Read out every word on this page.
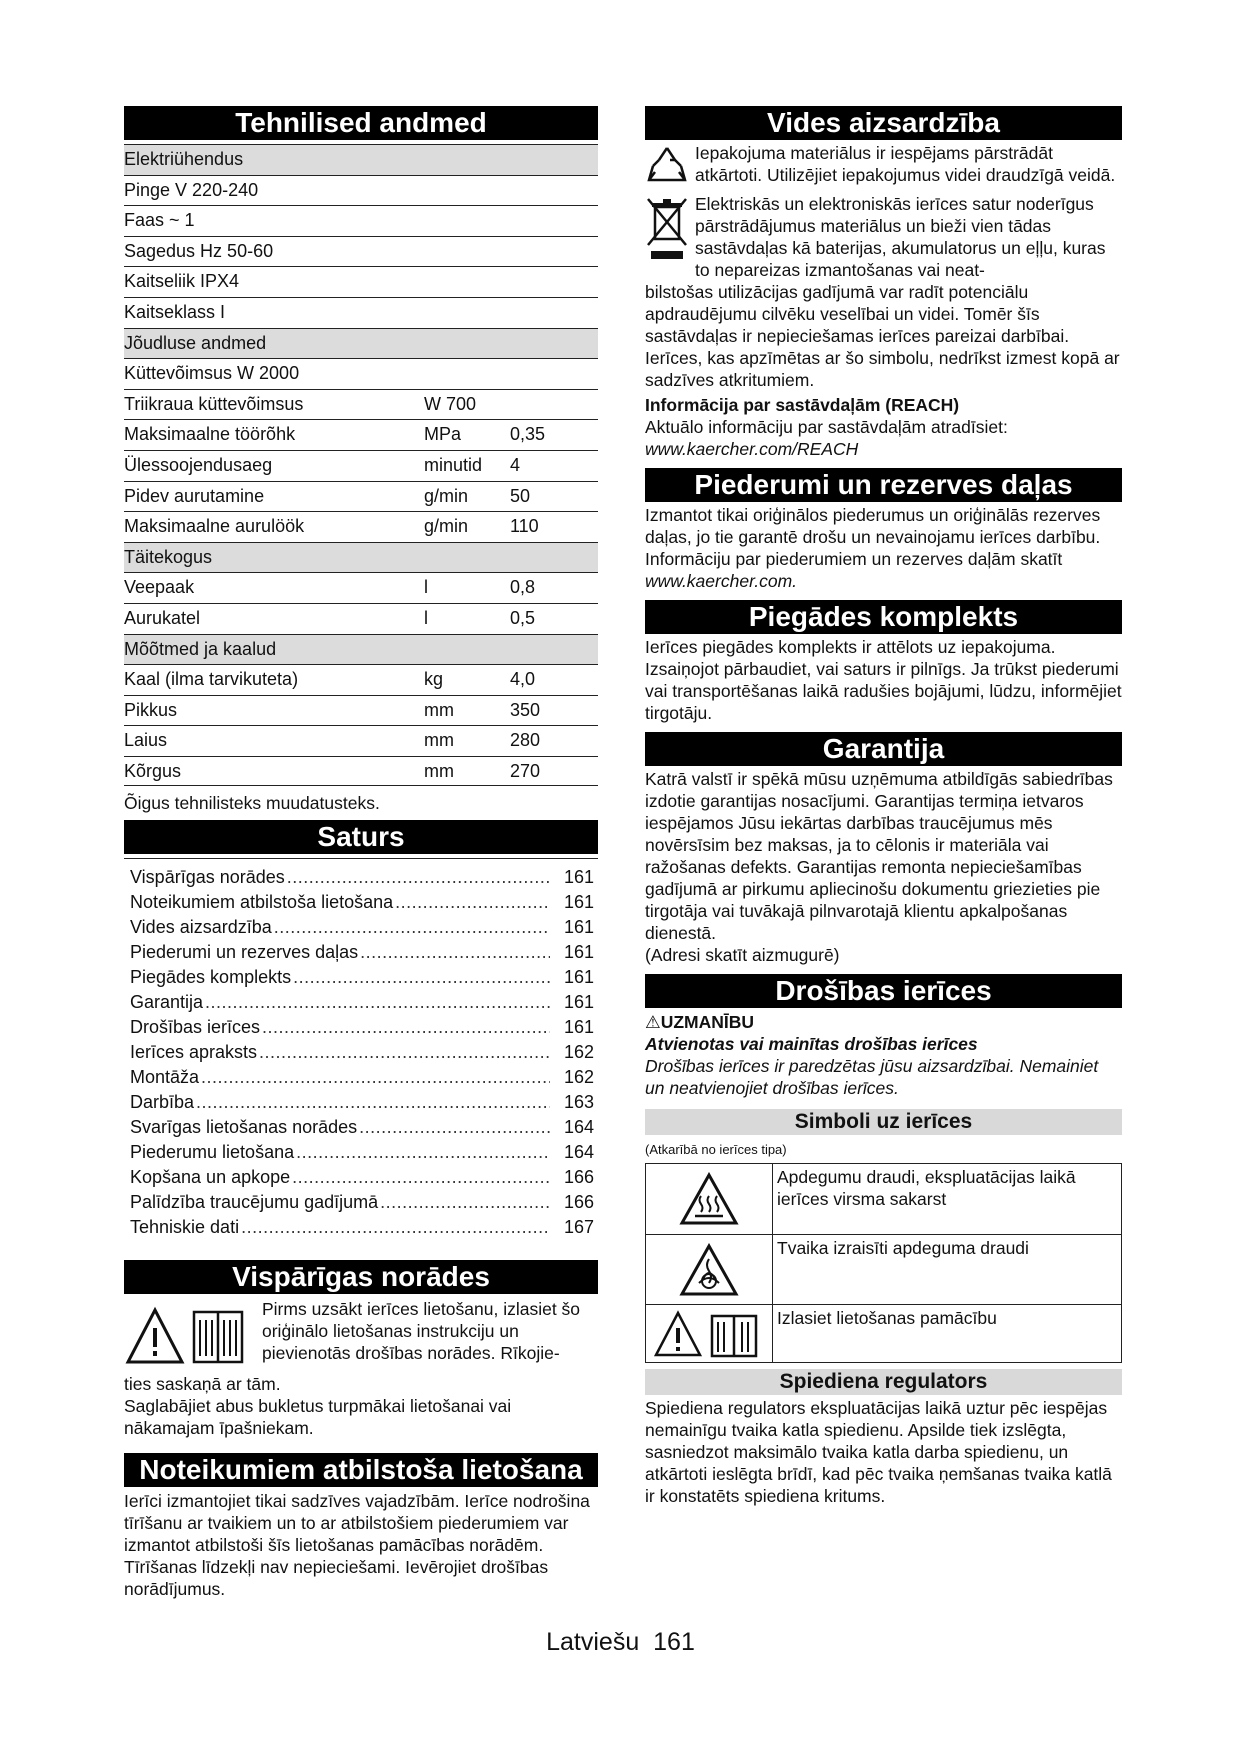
Tehnilised andmed
Elektriühendus
Pinge V 220-240
Faas ~ 1
Sagedus Hz 50-60
Kaitseliik IPX4
Kaitseklass I
Jõudluse andmed
Küttevõimsus W 2000
Triikraua küttevõimsus	W 700
Maksimaalne töörõhk	MPa	0,35
Ülessoojendusaeg	minutid	4
Pidev aurutamine	g/min	50
Maksimaalne aurulöök	g/min	110
Täitekogus
Veepaak	l	0,8
Aurukatel	l	0,5
Mõõtmed ja kaalud
Kaal (ilma tarvikuteta)	kg	4,0
Pikkus	mm	350
Laius	mm	280
Kõrgus	mm	270

Õigus tehnilisteks muudatusteks.

Saturs
Vispārīgas norādes .....	161
Noteikumiem atbilstoša lietošana .....	161
Vides aizsardzība .....	161
Piederumi un rezerves daļas .....	161
Piegādes komplekts .....	161
Garantija .....	161
Drošības ierīces .....	161
Ierīces apraksts .....	162
Montāža .....	162
Darbība .....	163
Svarīgas lietošanas norādes .....	164
Piederumu lietošana .....	164
Kopšana un apkope .....	166
Palīdzība traucējumu gadījumā .....	166
Tehniskie dati .....	167
Vispārīgas norādes

Pirms uzsākt ierīces lietošanu, izlasiet šo oriģinālo lietošanas instrukciju un pievienotās drošības norādes. Rīkojie-

ties saskaņā ar tām.

Saglabājiet abus bukletus turpmākai lietošanai vai nākamajam īpašniekam.

Noteikumiem atbilstoša lietošana

Ierīci izmantojiet tikai sadzīves vajadzībām. Ierīce nodrošina tīrīšanu ar tvaikiem un to ar atbilstošiem piederumiem var izmantot atbilstoši šīs lietošanas pamācības norādēm. Tīrīšanas līdzekļi nav nepieciešami. Ievērojiet drošības norādījumus.

Vides aizsardzība

Iepakojuma materiālus ir iespējams pārstrādāt atkārtoti. Utilizējiet iepakojumus videi draudzīgā veidā.

Elektriskās un elektroniskās ierīces satur noderīgus pārstrādājumus materiālus un bieži vien tādas sastāvdaļas kā baterijas, akumulatorus un eļļu, kuras to nepareizas izmantošanas vai neat-

bilstošas utilizācijas gadījumā var radīt potenciālu apdraudējumu cilvēku veselībai un videi. Tomēr šīs sastāvdaļas ir nepieciešamas ierīces pareizai darbībai. Ierīces, kas apzīmētas ar šo simbolu, nedrīkst izmest kopā ar sadzīves atkritumiem.

Informācija par sastāvdaļām (REACH)

Aktuālo informāciju par sastāvdaļām atradīsiet:

www.kaercher.com/REACH

Piederumi un rezerves daļas

Izmantot tikai oriģinālos piederumus un oriģinālās rezerves daļas, jo tie garantē drošu un nevainojamu ierīces darbību.

Informāciju par piederumiem un rezerves daļām skatīt

www.kaercher.com.

Piegādes komplekts

Ierīces piegādes komplekts ir attēlots uz iepakojuma. Izsaiņojot pārbaudiet, vai saturs ir pilnīgs. Ja trūkst piederumi vai transportēšanas laikā radušies bojājumi, lūdzu, informējiet tirgotāju.

Garantija

Katrā valstī ir spēkā mūsu uzņēmuma atbildīgās sabiedrības izdotie garantijas nosacījumi. Garantijas termiņa ietvaros iespējamos Jūsu iekārtas darbības traucējumus mēs novērsīsim bez maksas, ja to cēlonis ir materiāla vai ražošanas defekts. Garantijas remonta nepieciešamības gadījumā ar pirkumu apliecinošu dokumentu griezieties pie tirgotāja vai tuvākajā pilnvarotajā klientu apkalpošanas dienestā.

(Adresi skatīt aizmugurē)

Drošības ierīces

⚠UZMANĪBU

Atvienotas vai mainītas drošības ierīces

Drošības ierīces ir paredzētas jūsu aizsardzībai. Nemainiet un neatvienojiet drošības ierīces.

Simboli uz ierīces

(Atkarībā no ierīces tipa)

Apdegumu draudi, ekspluatācijas laikā ierīces virsma sakarst
Tvaika izraisīti apdeguma draudi
Izlasiet lietošanas pamācību
Spiediena regulators

Spiediena regulators ekspluatācijas laikā uztur pēc iespējas nemainīgu tvaika katla spiedienu. Apsilde tiek izslēgta, sasniedzot maksimālo tvaika katla darba spiedienu, un atkārtoti ieslēgta brīdī, kad pēc tvaika ņemšanas tvaika katlā ir konstatēts spiediena kritums.

Latviešu 161
